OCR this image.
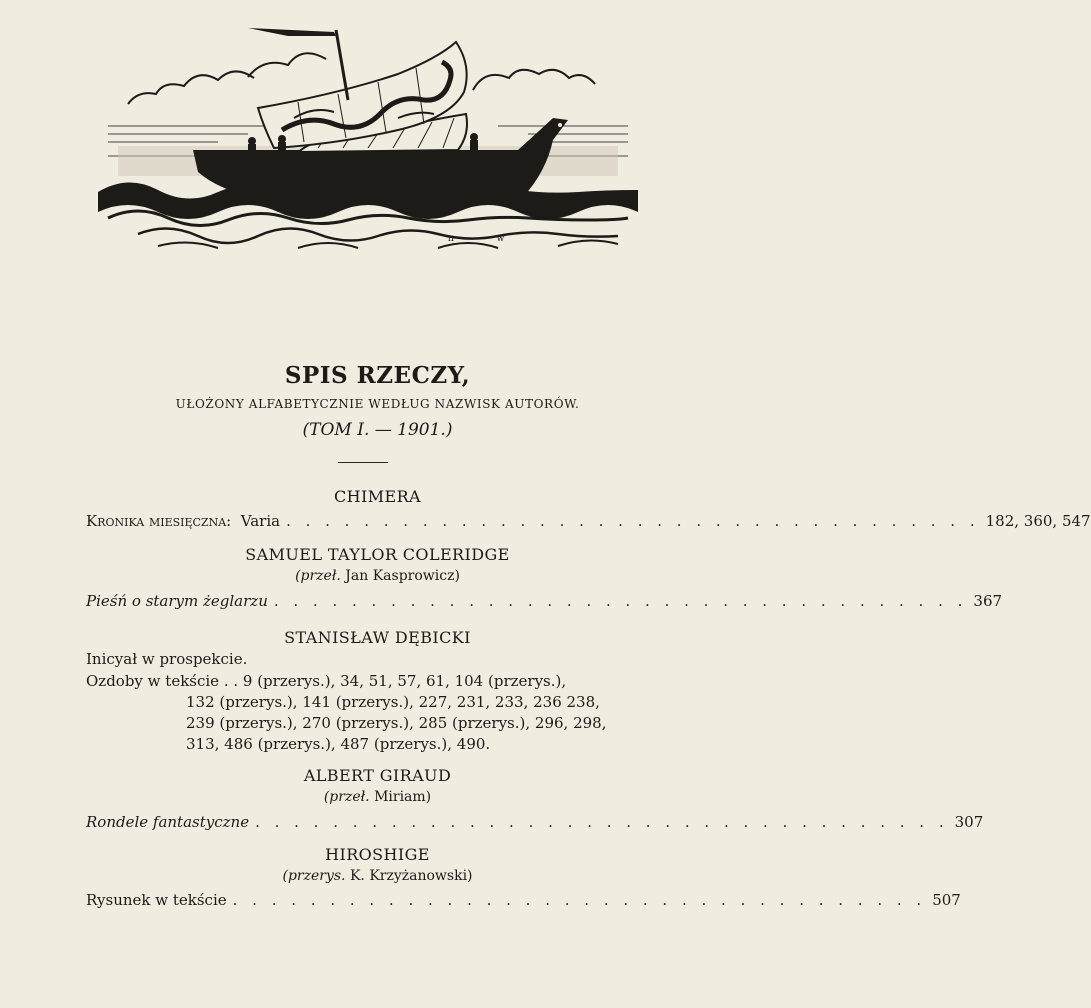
n w
SPIS RZECZY,
UŁOŻONY ALFABETYCZNIE WEDŁUG NAZWISK AUTORÓW.
(TOM I. — 1901.)
CHIMERA
Kronika miesięczna: Varia . . . . . . . . . . . . . . . . . . . . . . . . . . . . . . . . . . . . 182, 360, 547
SAMUEL TAYLOR COLERIDGE
(przeł. Jan Kasprowicz)
Pieśń o starym żeglarzu . . . . . . . . . . . . . . . . . . . . . . . . . . . . . . . . . . . . 367
STANISŁAW DĘBICKI
Inicyał w prospekcie.
Ozdoby w tekście . . 9 (przerys.), 34, 51, 57, 61, 104 (przerys.),
132 (przerys.), 141 (przerys.), 227, 231, 233, 236 238,
239 (przerys.), 270 (przerys.), 285 (przerys.), 296, 298,
313, 486 (przerys.), 487 (przerys.), 490.
ALBERT GIRAUD
(przeł. Miriam)
Rondele fantastyczne . . . . . . . . . . . . . . . . . . . . . . . . . . . . . . . . . . . . 307
HIROSHIGE
(przerys. K. Krzyżanowski)
Rysunek w tekście . . . . . . . . . . . . . . . . . . . . . . . . . . . . . . . . . . . . 507
